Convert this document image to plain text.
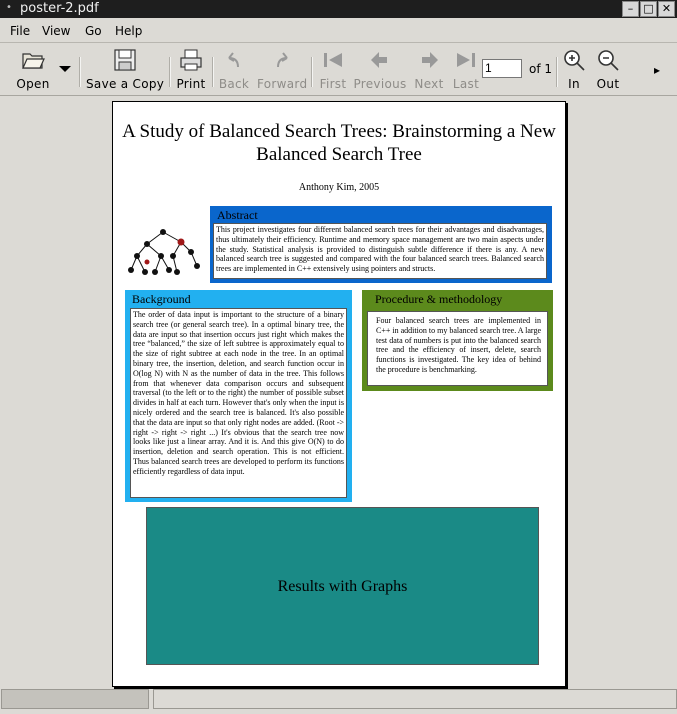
• poster-2.pdf	– □ ✕
File View Go Help
Open	Save a Copy Print Back Forward First Previous Next Last
of 1
In	Out
▸
1
A Study of Balanced Search Trees: Brainstorming a New Balanced Search Tree
Anthony Kim, 2005
Abstract
This project investigates four different balanced search trees for their advantages and disadvantages, thus ultimately their efficiency. Runtime and memory space management are two main aspects under the study. Statistical analysis is provided to distinguish subtle difference if there is any. A new balanced search tree is suggested and compared with the four balanced search trees. Balanced search trees are implemented in C++ extensively using pointers and structs.
Background
The order of data input is important to the structure of a binary search tree (or general search tree). In a optimal binary tree, the data are input so that insertion occurs just right which makes the tree “balanced,” the size of left subtree is approximately equal to the size of right subtree at each node in the tree. In an optimal binary tree, the insertion, deletion, and search function occur in O(log N) with N as the number of data in the tree. This follows from that whenever data comparison occurs and subsequent traversal (to the left or to the right) the number of possible subset divides in half at each turn. However that's only when the input is nicely ordered and the search tree is balanced. It's also possible that the data are input so that only right nodes are added. (Root -> right -> right -> right ...) It's obvious that the search tree now looks like just a linear array. And it is. And this give O(N) to do insertion, deletion and search operation. This is not efficient. Thus balanced search trees are developed to perform its functions efficiently regardless of data input.
Procedure & methodology
Four balanced search trees are implemented in C++ in addition to my balanced search tree. A large test data of numbers is put into the balanced search tree and the efficiency of insert, delete, search functions is investigated. The key idea of behind the procedure is benchmarking.
Results with Graphs
